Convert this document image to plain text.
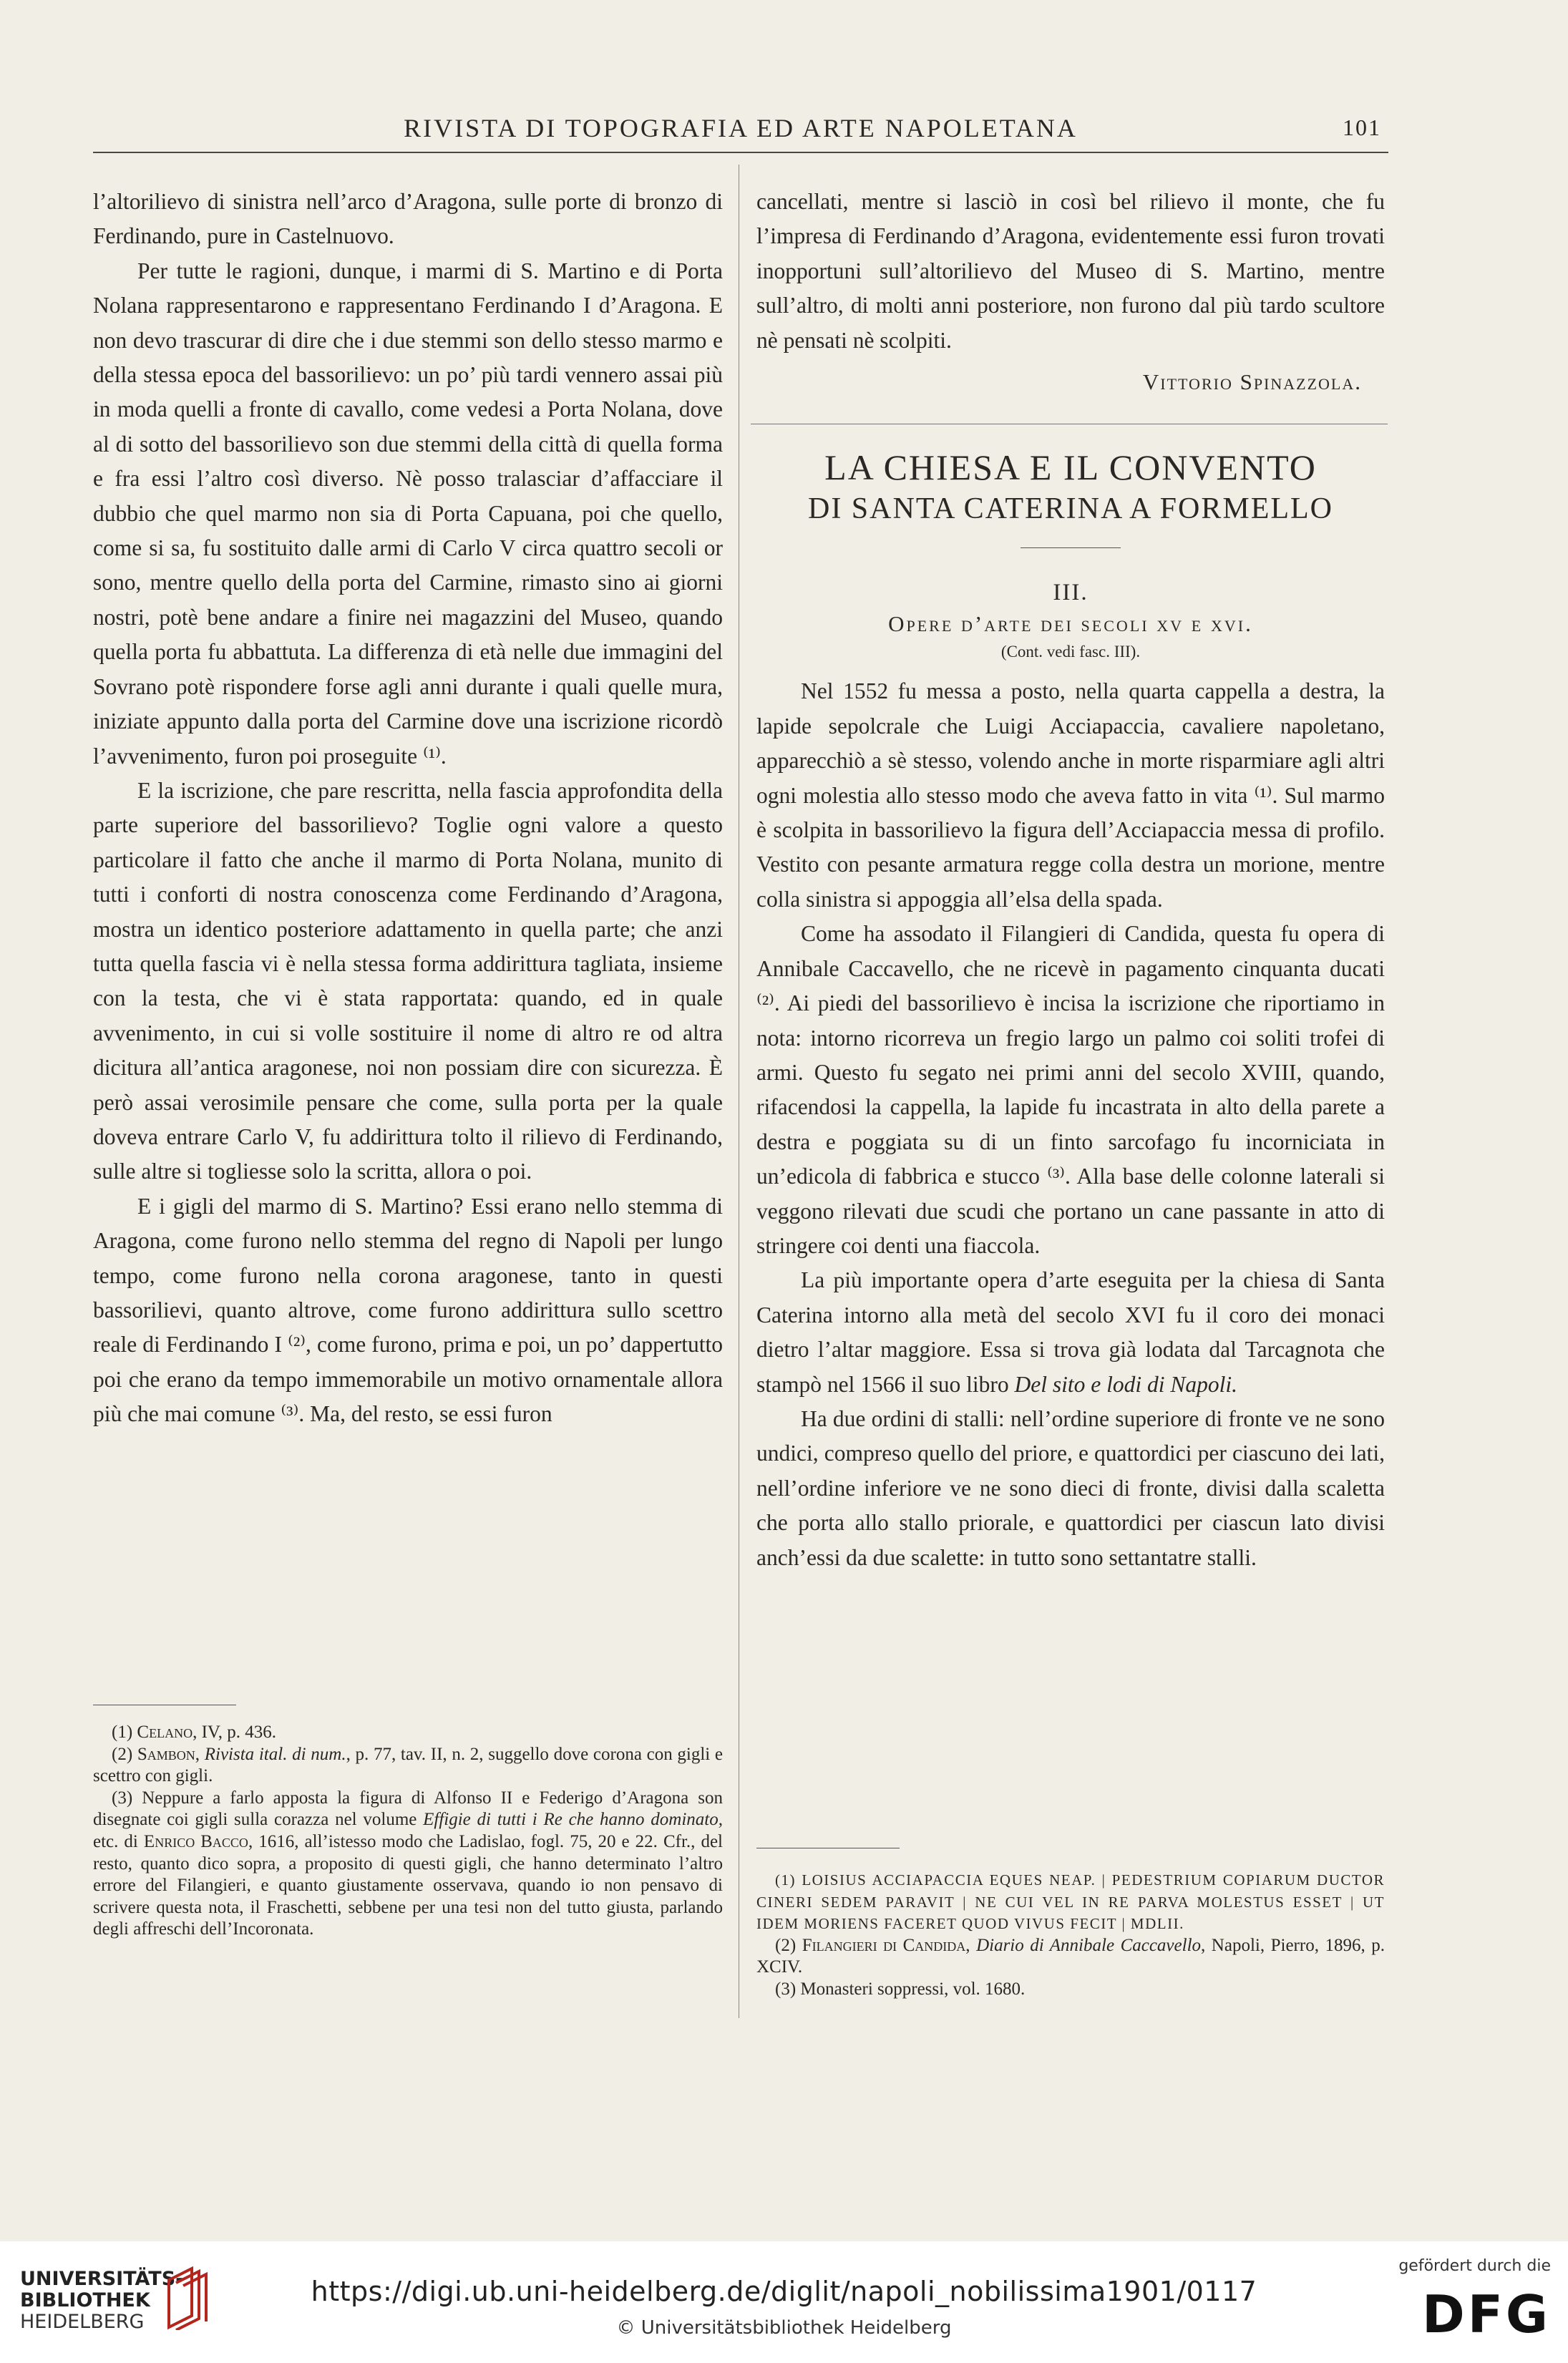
RIVISTA DI TOPOGRAFIA ED ARTE NAPOLETANA	101

l’altorilievo di sinistra nell’arco d’Aragona, sulle porte di bronzo di Ferdinando, pure in Castelnuovo.

Per tutte le ragioni, dunque, i marmi di S. Martino e di Porta Nolana rappresentarono e rappresentano Ferdinando I d’Aragona. E non devo trascurar di dire che i due stemmi son dello stesso marmo e della stessa epoca del bassorilievo: un po’ più tardi vennero assai più in moda quelli a fronte di cavallo, come vedesi a Porta Nolana, dove al di sotto del bassorilievo son due stemmi della città di quella forma e fra essi l’altro così diverso. Nè posso tralasciar d’affacciare il dubbio che quel marmo non sia di Porta Capuana, poi che quello, come si sa, fu sostituito dalle armi di Carlo V circa quattro secoli or sono, mentre quello della porta del Carmine, rimasto sino ai giorni nostri, potè bene andare a finire nei magazzini del Museo, quando quella porta fu abbattuta. La differenza di età nelle due immagini del Sovrano potè rispondere forse agli anni durante i quali quelle mura, iniziate appunto dalla porta del Carmine dove una iscrizione ricordò l’avvenimento, furon poi proseguite ⁽¹⁾.

E la iscrizione, che pare rescritta, nella fascia approfondita della parte superiore del bassorilievo? Toglie ogni valore a questo particolare il fatto che anche il marmo di Porta Nolana, munito di tutti i conforti di nostra conoscenza come Ferdinando d’Aragona, mostra un identico posteriore adattamento in quella parte; che anzi tutta quella fascia vi è nella stessa forma addirittura tagliata, insieme con la testa, che vi è stata rapportata: quando, ed in quale avvenimento, in cui si volle sostituire il nome di altro re od altra dicitura all’antica aragonese, noi non possiam dire con sicurezza. È però assai verosimile pensare che come, sulla porta per la quale doveva entrare Carlo V, fu addirittura tolto il rilievo di Ferdinando, sulle altre si togliesse solo la scritta, allora o poi.

E i gigli del marmo di S. Martino? Essi erano nello stemma di Aragona, come furono nello stemma del regno di Napoli per lungo tempo, come furono nella corona aragonese, tanto in questi bassorilievi, quanto altrove, come furono addirittura sullo scettro reale di Ferdinando I ⁽²⁾, come furono, prima e poi, un po’ dappertutto poi che erano da tempo immemorabile un motivo ornamentale allora più che mai comune ⁽³⁾. Ma, del resto, se essi furon

(1) Celano, IV, p. 436.

(2) Sambon, Rivista ital. di num., p. 77, tav. II, n. 2, suggello dove corona con gigli e scettro con gigli.

(3) Neppure a farlo apposta la figura di Alfonso II e Federigo d’Aragona son disegnate coi gigli sulla corazza nel volume Effigie di tutti i Re che hanno dominato, etc. di Enrico Bacco, 1616, all’istesso modo che Ladislao, fogl. 75, 20 e 22. Cfr., del resto, quanto dico sopra, a proposito di questi gigli, che hanno determinato l’altro errore del Filangieri, e quanto giustamente osservava, quando io non pensavo di scrivere questa nota, il Fraschetti, sebbene per una tesi non del tutto giusta, parlando degli affreschi dell’Incoronata.

cancellati, mentre si lasciò in così bel rilievo il monte, che fu l’impresa di Ferdinando d’Aragona, evidentemente essi furon trovati inopportuni sull’altorilievo del Museo di S. Martino, mentre sull’altro, di molti anni posteriore, non furono dal più tardo scultore nè pensati nè scolpiti.

Vittorio Spinazzola.
LA CHIESA E IL CONVENTO
DI SANTA CATERINA A FORMELLO
III.
Opere d’arte dei secoli xv e xvi.
(Cont. vedi fasc. III).

Nel 1552 fu messa a posto, nella quarta cappella a destra, la lapide sepolcrale che Luigi Acciapaccia, cavaliere napoletano, apparecchiò a sè stesso, volendo anche in morte risparmiare agli altri ogni molestia allo stesso modo che aveva fatto in vita ⁽¹⁾. Sul marmo è scolpita in bassorilievo la figura dell’Acciapaccia messa di profilo. Vestito con pesante armatura regge colla destra un morione, mentre colla sinistra si appoggia all’elsa della spada.

Come ha assodato il Filangieri di Candida, questa fu opera di Annibale Caccavello, che ne ricevè in pagamento cinquanta ducati ⁽²⁾. Ai piedi del bassorilievo è incisa la iscrizione che riportiamo in nota: intorno ricorreva un fregio largo un palmo coi soliti trofei di armi. Questo fu segato nei primi anni del secolo XVIII, quando, rifacendosi la cappella, la lapide fu incastrata in alto della parete a destra e poggiata su di un finto sarcofago fu incorniciata in un’edicola di fabbrica e stucco ⁽³⁾. Alla base delle colonne laterali si veggono rilevati due scudi che portano un cane passante in atto di stringere coi denti una fiaccola.

La più importante opera d’arte eseguita per la chiesa di Santa Caterina intorno alla metà del secolo XVI fu il coro dei monaci dietro l’altar maggiore. Essa si trova già lodata dal Tarcagnota che stampò nel 1566 il suo libro Del sito e lodi di Napoli.

Ha due ordini di stalli: nell’ordine superiore di fronte ve ne sono undici, compreso quello del priore, e quattordici per ciascuno dei lati, nell’ordine inferiore ve ne sono dieci di fronte, divisi dalla scaletta che porta allo stallo priorale, e quattordici per ciascun lato divisi anch’essi da due scalette: in tutto sono settantatre stalli.

(1) LOISIUS ACCIAPACCIA EQUES NEAP. | PEDESTRIUM COPIARUM DUCTOR CINERI SEDEM PARAVIT | NE CUI VEL IN RE PARVA MOLESTUS ESSET | UT IDEM MORIENS FACERET QUOD VIVUS FECIT | MDLII.

(2) Filangieri di Candida, Diario di Annibale Caccavello, Napoli, Pierro, 1896, p. XCIV.

(3) Monasteri soppressi, vol. 1680.

UNIVERSITÄTS-
BIBLIOTHEK
HEIDELBERG
https://digi.ub.uni-heidelberg.de/diglit/napoli_nobilissima1901/0117
© Universitätsbibliothek Heidelberg
gefördert durch die
DFG
